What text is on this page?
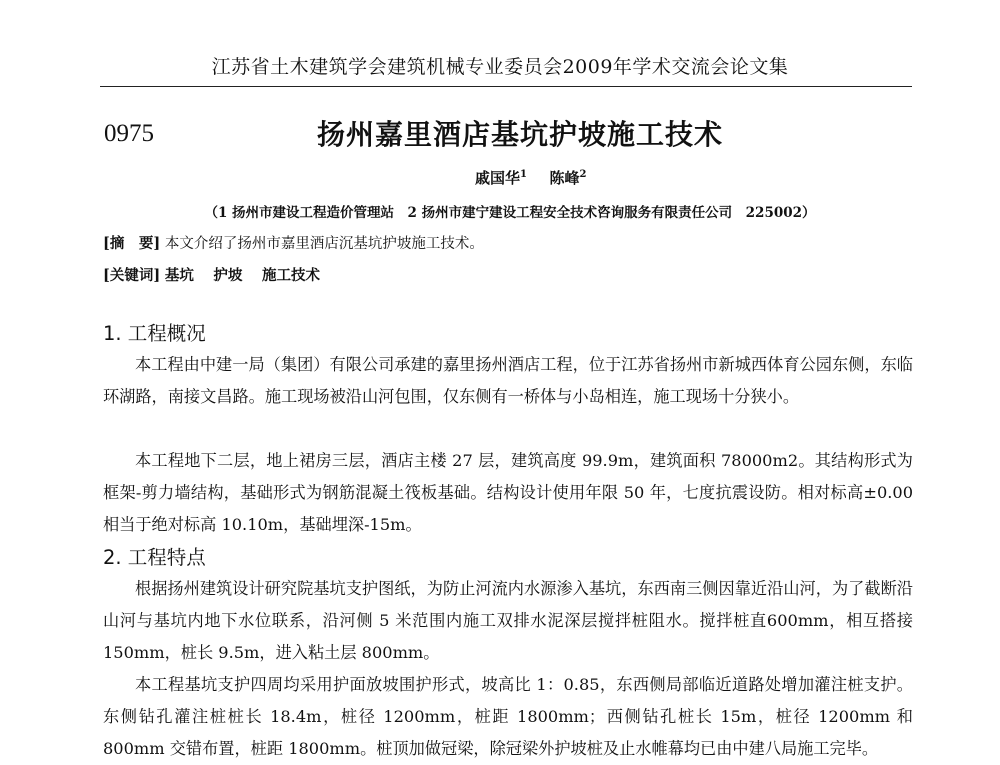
江苏省土木建筑学会建筑机械专业委员会2009年学术交流会论文集
0975	扬州嘉里酒店基坑护坡施工技术
戚国华$^1$   陈峰$^2$
（1 扬州市建设工程造价管理站　2 扬州市建宁建设工程安全技术咨询服务有限责任公司　225002）
[摘　要] 本文介绍了扬州市嘉里酒店沉基坑护坡施工技术。
[关键词] 基坑　 护坡　 施工技术
1. 工程概况

本工程由中建一局（集团）有限公司承建的嘉里扬州酒店工程，位于江苏省扬州市新城西体育公园东侧，东临环湖路，南接文昌路。施工现场被沿山河包围，仅东侧有一桥体与小岛相连，施工现场十分狭小。

本工程地下二层，地上裙房三层，酒店主楼 27 层，建筑高度 99.9m，建筑面积 78000m2。其结构形式为框架-剪力墙结构，基础形式为钢筋混凝土筏板基础。结构设计使用年限 50 年，七度抗震设防。相对标高±0.00 相当于绝对标高 10.10m，基础埋深-15m。

2. 工程特点

根据扬州建筑设计研究院基坑支护图纸，为防止河流内水源渗入基坑，东西南三侧因靠近沿山河，为了截断沿山河与基坑内地下水位联系，沿河侧 5 米范围内施工双排水泥深层搅拌桩阻水。搅拌桩直600mm，相互搭接 150mm，桩长 9.5m，进入粘土层 800mm。

本工程基坑支护四周均采用护面放坡围护形式，坡高比 1：0.85，东西侧局部临近道路处增加灌注桩支护。东侧钻孔灌注桩桩长 18.4m，桩径 1200mm，桩距 1800mm；西侧钻孔桩长 15m，桩径 1200mm 和 800mm 交错布置，桩距 1800mm。桩顶加做冠梁，除冠梁外护坡桩及止水帷幕均已由中建八局施工完毕。
